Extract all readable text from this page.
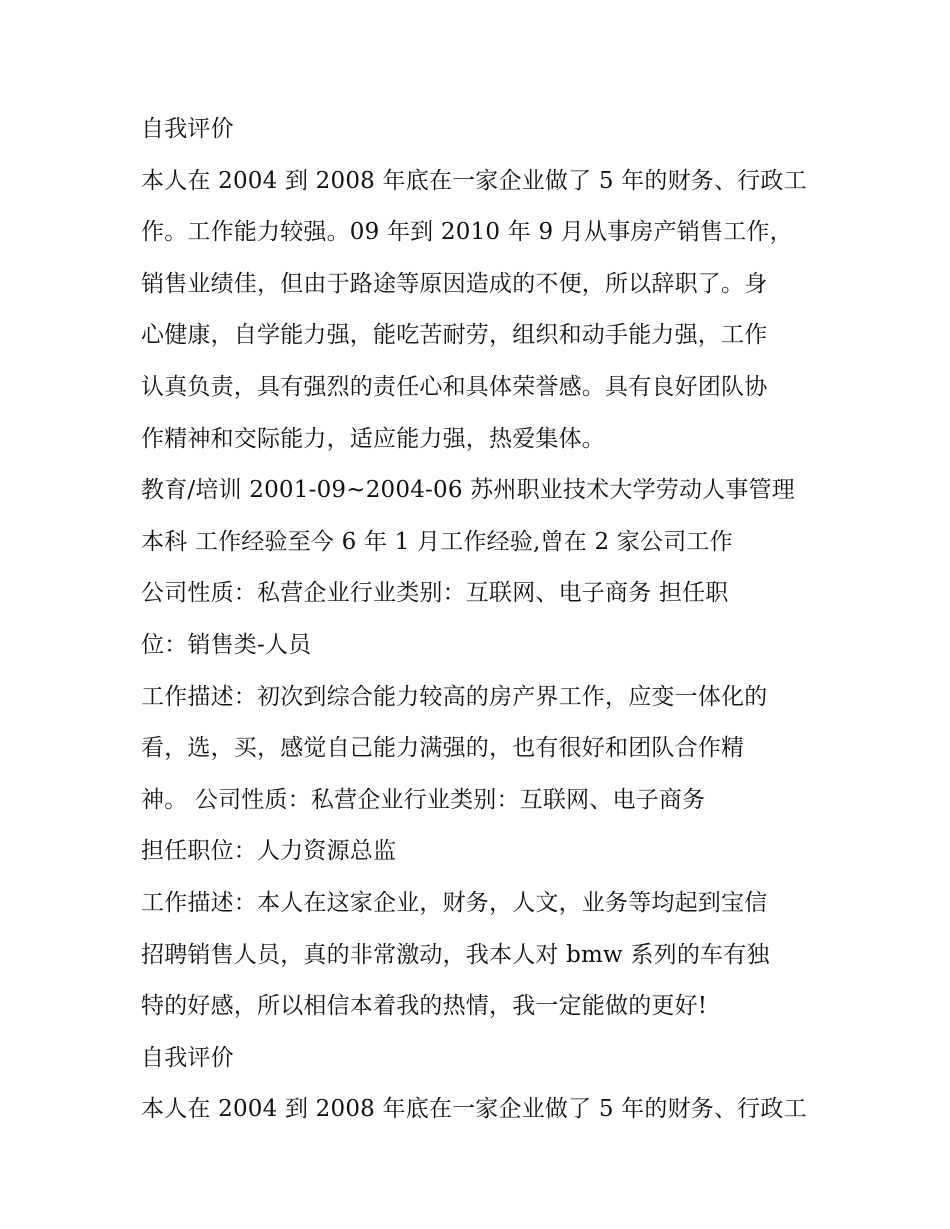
自我评价
本人在 2004 到 2008 年底在一家企业做了 5 年的财务、行政工
作。工作能力较强。09 年到 2010 年 9 月从事房产销售工作，
销售业绩佳，但由于路途等原因造成的不便，所以辞职了。身
心健康，自学能力强，能吃苦耐劳，组织和动手能力强，工作
认真负责，具有强烈的责任心和具体荣誉感。具有良好团队协
作精神和交际能力，适应能力强，热爱集体。
教育/培训 2001-09~2004-06 苏州职业技术大学劳动人事管理
本科 工作经验至今 6 年 1 月工作经验,曾在 2 家公司工作
公司性质：私营企业行业类别：互联网、电子商务 担任职
位：销售类-人员
工作描述：初次到综合能力较高的房产界工作，应变一体化的
看，选，买，感觉自己能力满强的，也有很好和团队合作精
神。 公司性质：私营企业行业类别：互联网、电子商务
担任职位：人力资源总监
工作描述：本人在这家企业，财务，人文，业务等均起到宝信
招聘销售人员，真的非常激动，我本人对 bmw 系列的车有独
特的好感，所以相信本着我的热情，我一定能做的更好!
自我评价
本人在 2004 到 2008 年底在一家企业做了 5 年的财务、行政工
